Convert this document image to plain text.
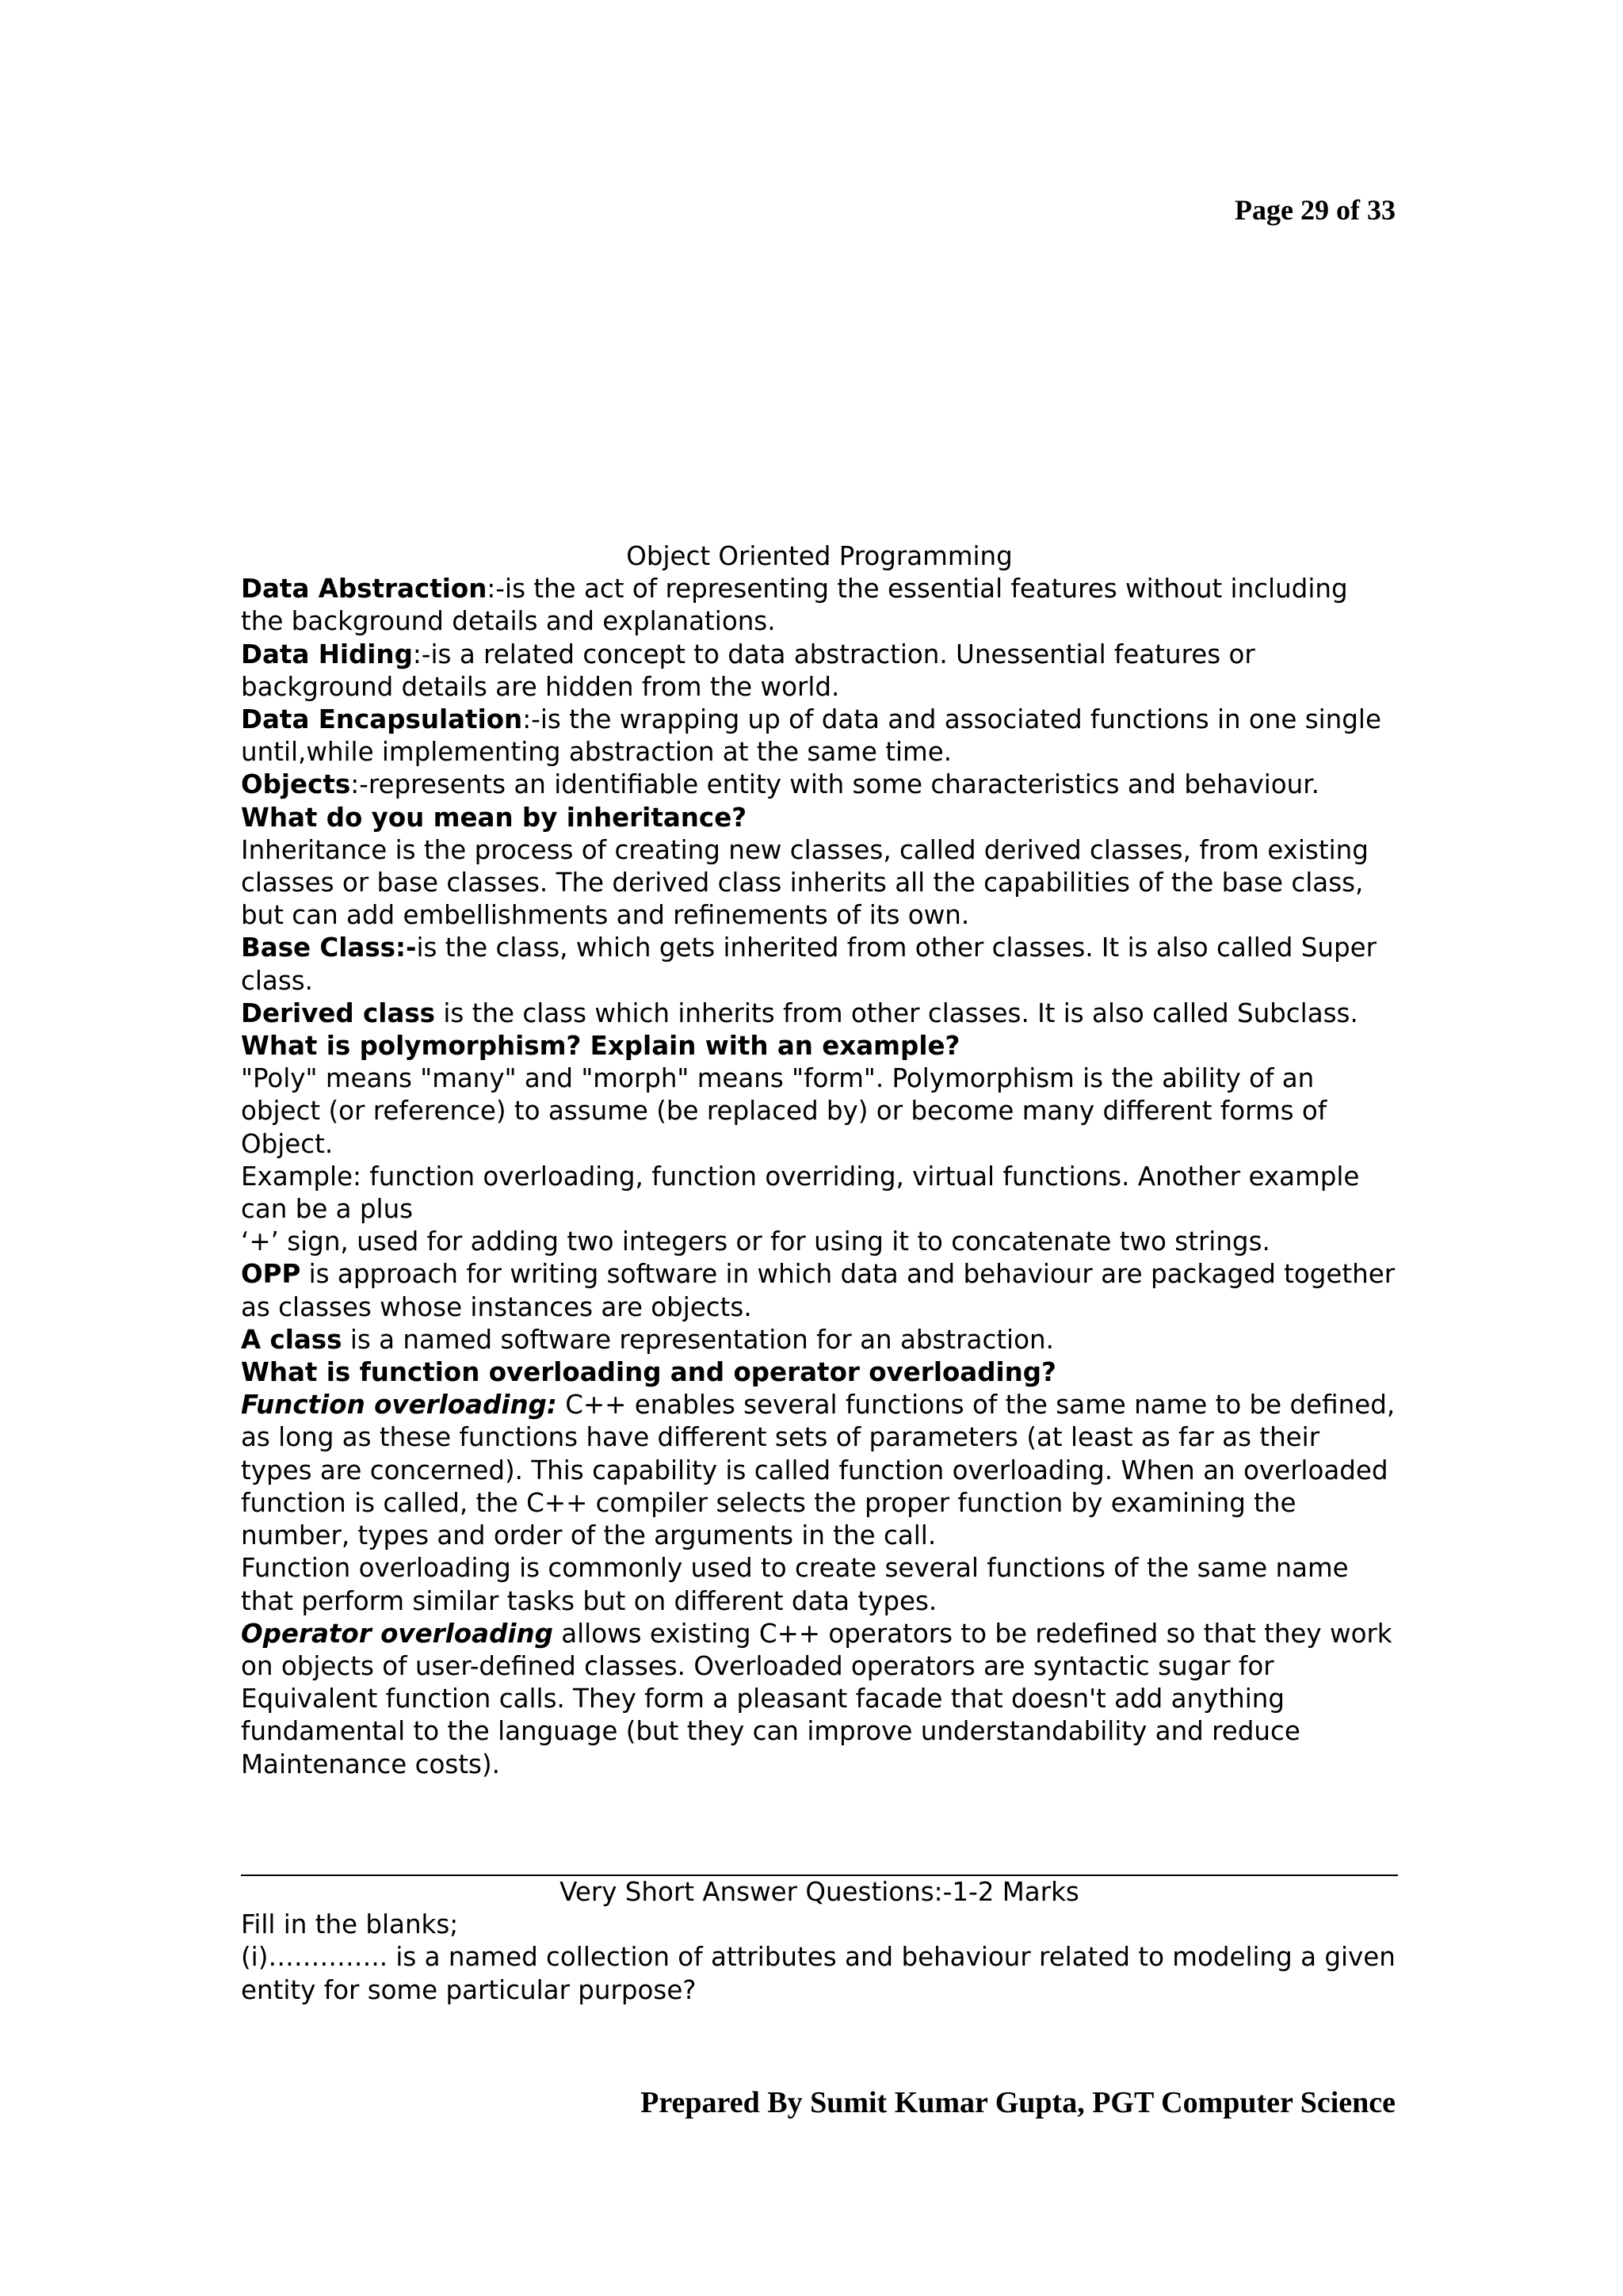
Page 29 of 33

Object Oriented Programming

Data Abstraction:-is the act of representing the essential features without including the background details and explanations.

Data Hiding:-is a related concept to data abstraction. Unessential features or background details are hidden from the world.

Data Encapsulation:-is the wrapping up of data and associated functions in one single until,while implementing abstraction at the same time.

Objects:-represents an identifiable entity with some characteristics and behaviour.

What do you mean by inheritance?

Inheritance is the process of creating new classes, called derived classes, from existing classes or base classes. The derived class inherits all the capabilities of the base class, but can add embellishments and refinements of its own.

Base Class:-is the class, which gets inherited from other classes. It is also called Super class.

Derived class is the class which inherits from other classes. It is also called Subclass.

What is polymorphism? Explain with an example?

"Poly" means "many" and "morph" means "form". Polymorphism is the ability of an object (or reference) to assume (be replaced by) or become many different forms of Object.

Example: function overloading, function overriding, virtual functions. Another example can be a plus

‘+’ sign, used for adding two integers or for using it to concatenate two strings.

OPP is approach for writing software in which data and behaviour are packaged together as classes whose instances are objects.

A class is a named software representation for an abstraction.

What is function overloading and operator overloading?

Function overloading: C++ enables several functions of the same name to be defined, as long as these functions have different sets of parameters (at least as far as their types are concerned). This capability is called function overloading. When an overloaded function is called, the C++ compiler selects the proper function by examining the number, types and order of the arguments in the call.

Function overloading is commonly used to create several functions of the same name that perform similar tasks but on different data types.

Operator overloading allows existing C++ operators to be redefined so that they work on objects of user-defined classes. Overloaded operators are syntactic sugar for Equivalent function calls. They form a pleasant facade that doesn't add anything fundamental to the language (but they can improve understandability and reduce Maintenance costs).

Very Short Answer Questions:-1-2 Marks

Fill in the blanks;

(i)………….. is a named collection of attributes and behaviour related to modeling a given entity for some particular purpose?

Prepared By Sumit Kumar Gupta, PGT Computer Science
